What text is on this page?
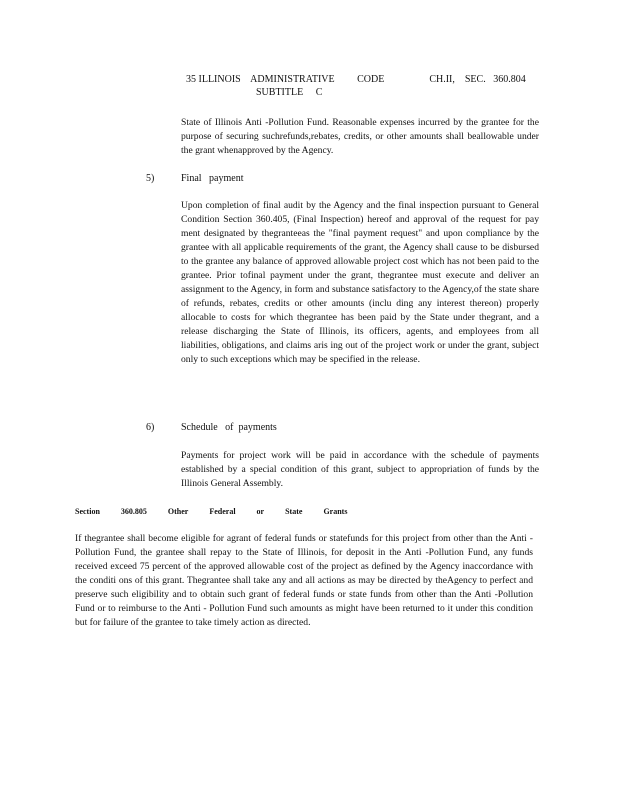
35 ILLINOIS    ADMINISTRATIVE         CODE                  CH.II,    SEC.   360.804
SUBTITLE     C
State of Illinois Anti -Pollution Fund. Reasonable expenses incurred by the grantee for the purpose of securing suchrefunds,rebates, credits, or other amounts shall beallowable under the grant whenapproved by the Agency.
5)	Final   payment
Upon completion of final audit by the Agency and the final inspection pursuant to General Condition Section 360.405, (Final Inspection) hereof and approval of the request for pay ment designated by thegranteeas the "final payment request" and upon compliance by the grantee with all applicable requirements of the grant, the Agency shall cause to be disbursed to the grantee any balance of approved allowable project cost which has not been paid to the grantee. Prior tofinal payment under the grant, thegrantee must execute and deliver an assignment to the Agency, in form and substance satisfactory to the Agency,of the state share of refunds, rebates, credits or other amounts (inclu ding any interest thereon) properly allocable to costs for which thegrantee has been paid by the State under thegrant, and a release discharging the State of Illinois, its officers, agents, and employees from all liabilities, obligations, and claims aris ing out of the project work or under the grant, subject only to such exceptions which may be specified in the release.
6)	Schedule   of  payments
Payments for project work will be paid in accordance with the schedule of payments established by a special condition of this grant, subject to appropriation of funds by the Illinois General Assembly.
Section	360.805	Other	Federal	or	State	Grants
If thegrantee shall become eligible for agrant of federal funds or statefunds for this project from other than the Anti -Pollution Fund, the grantee shall repay to the State of Illinois, for deposit in the Anti -Pollution Fund, any funds received exceed 75 percent of the approved allowable cost of the project as defined by the Agency inaccordance with the conditi ons of this grant. Thegrantee shall take any and all actions as may be directed by theAgency to perfect and preserve such eligibility and to obtain such grant of federal funds or state funds from other than the Anti -Pollution Fund or to reimburse to the Anti - Pollution Fund such amounts as might have been returned to it under this condition but for failure of the grantee to take timely action as directed.
